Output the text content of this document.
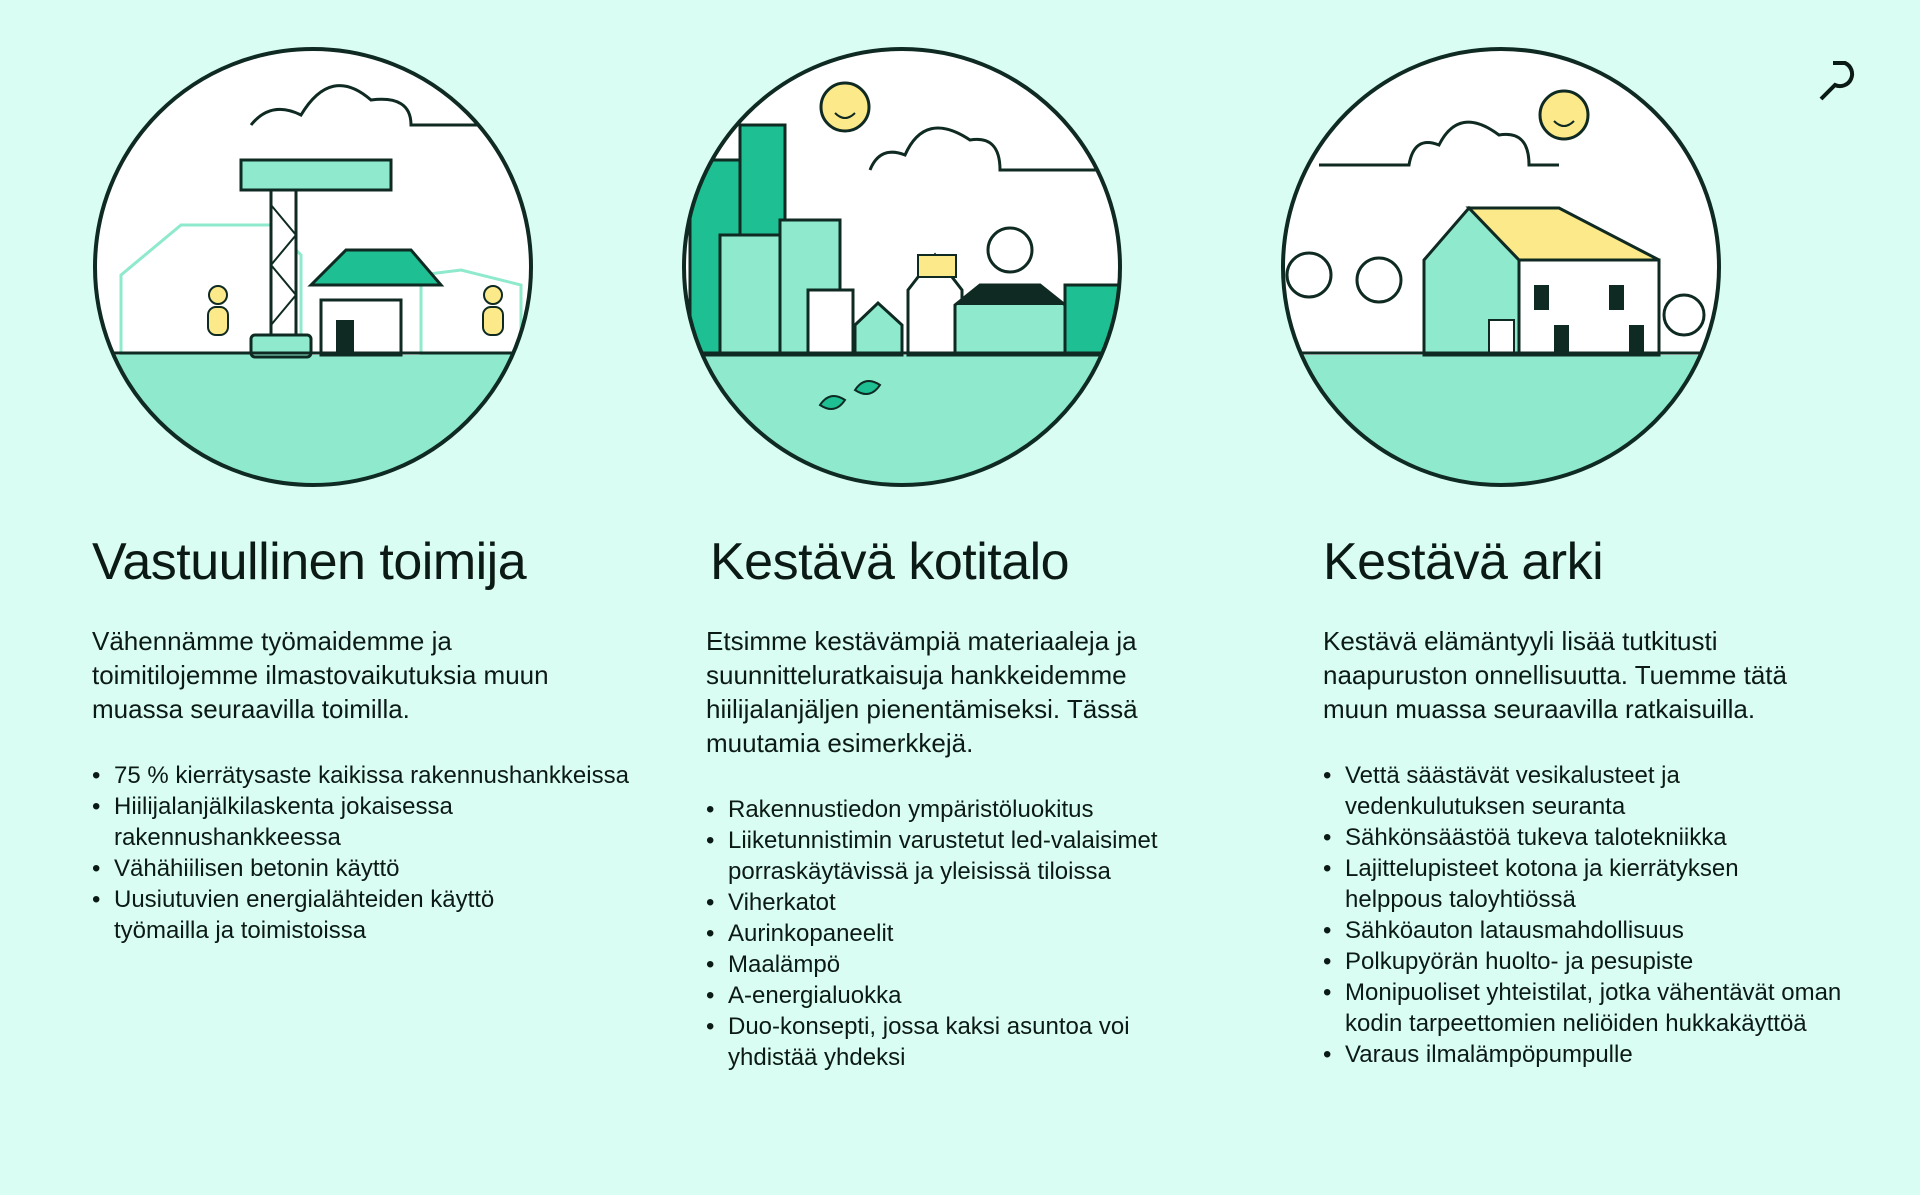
Vastuullinen toimija

Vähennämme työmaidemme ja toimitilojemme ilmastovaikutuksia muun muassa seuraavilla toimilla.

• 75 % kierrätysaste kaikissa rakennushankkeissa
• Hiilijalanjälkilaskenta jokaisessa rakennushankkeessa
• Vähähiilisen betonin käyttö
• Uusiutuvien energialähteiden käyttö työmailla ja toimistoissa
Kestävä kotitalo

Etsimme kestävämpiä materiaaleja ja suunnitteluratkaisuja hankkeidemme hiilijalanjäljen pienentämiseksi. Tässä muutamia esimerkkejä.

• Rakennustiedon ympäristöluokitus
• Liiketunnistimin varustetut led-valaisimet porraskäytävissä ja yleisissä tiloissa
• Viherkatot
• Aurinkopaneelit
• Maalämpö
• A-energialuokka
• Duo-konsepti, jossa kaksi asuntoa voi yhdistää yhdeksi
Kestävä arki

Kestävä elämäntyyli lisää tutkitusti naapuruston onnellisuutta. Tuemme tätä muun muassa seuraavilla ratkaisuilla.

• Vettä säästävät vesikalusteet ja vedenkulutuksen seuranta
• Sähkönsäästöä tukeva talotekniikka
• Lajittelupisteet kotona ja kierrätyksen helppous taloyhtiössä
• Sähköauton latausmahdollisuus
• Polkupyörän huolto- ja pesupiste
• Monipuoliset yhteistilat, jotka vähentävät oman kodin tarpeettomien neliöiden hukkakäyttöä
• Varaus ilmalämpöpumpulle
